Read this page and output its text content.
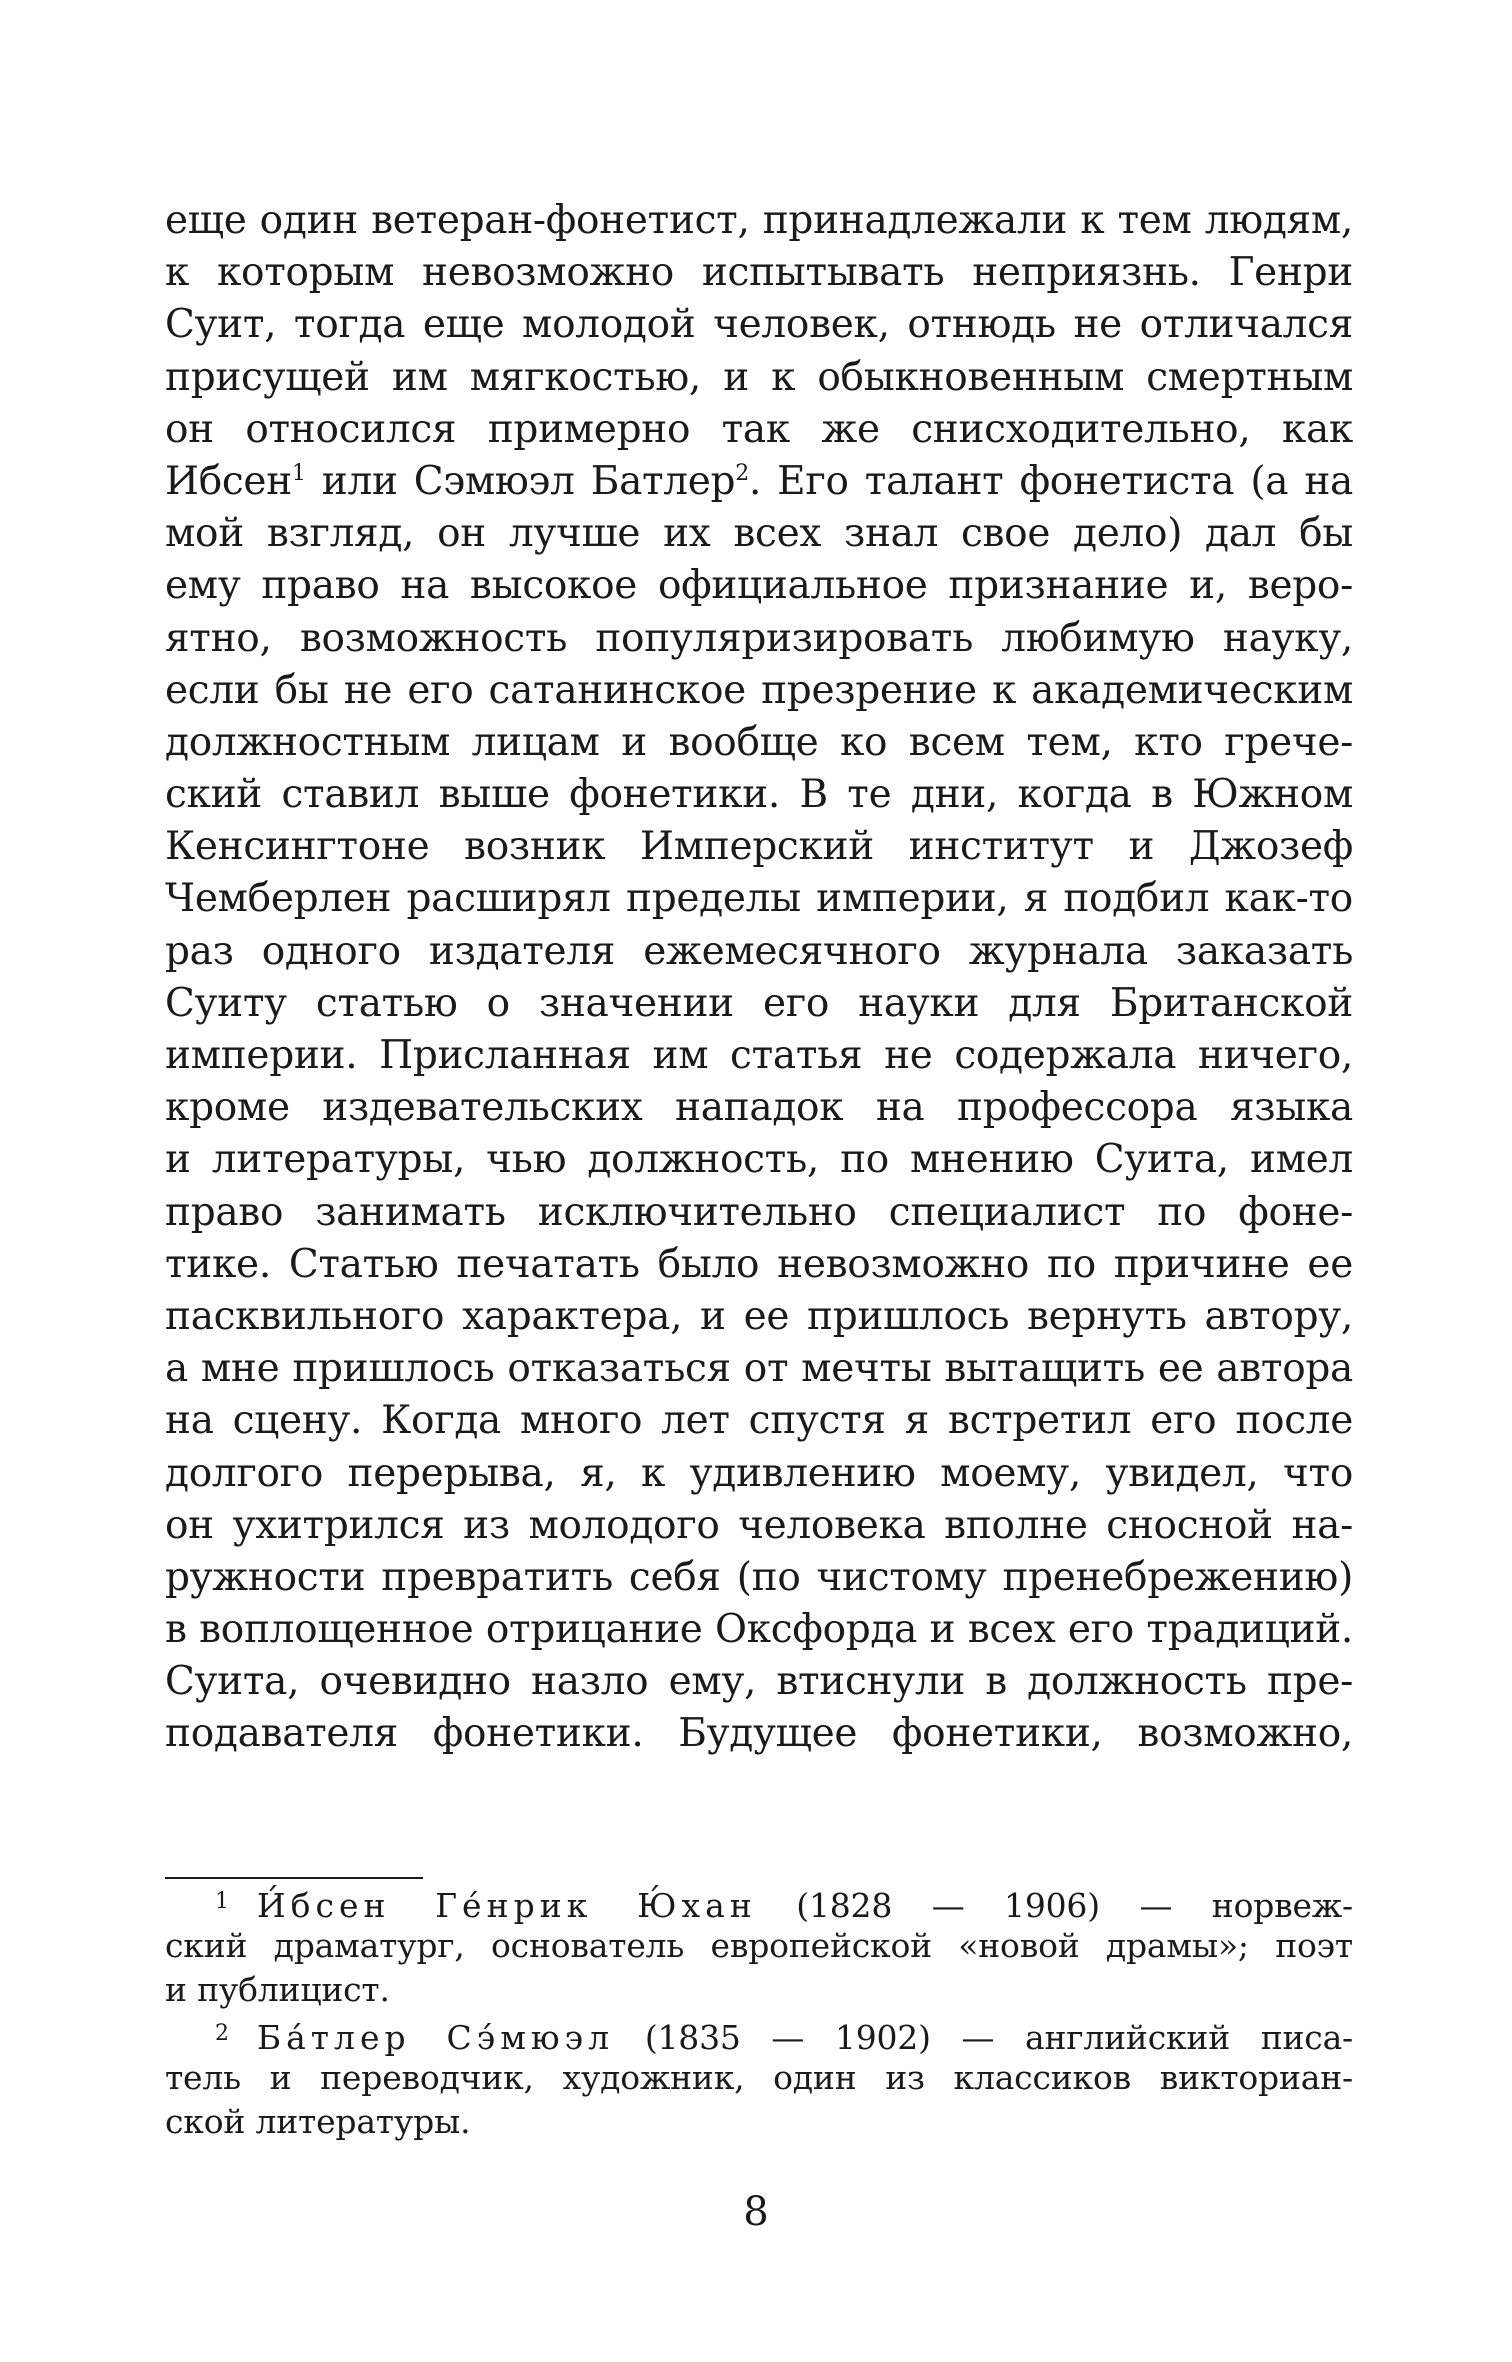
еще один ветеран-фонетист, принадлежали к тем людям,
к которым невозможно испытывать неприязнь. Генри
Суит, тогда еще молодой человек, отнюдь не отличался
присущей им мягкостью, и к обыкновенным смертным
он относился примерно так же снисходительно, как
Ибсен$^1$ или Сэмюэл Батлер$^2$. Его талант фонетиста (а на
мой взгляд, он лучше их всех знал свое дело) дал бы
ему право на высокое официальное признание и, веро-
ятно, возможность популяризировать любимую науку,
если бы не его сатанинское презрение к академическим
должностным лицам и вообще ко всем тем, кто грече-
ский ставил выше фонетики. В те дни, когда в Южном
Кенсингтоне возник Имперский институт и Джозеф
Чемберлен расширял пределы империи, я подбил как-то
раз одного издателя ежемесячного журнала заказать
Суиту статью о значении его науки для Британской
империи. Присланная им статья не содержала ничего,
кроме издевательских нападок на профессора языка
и литературы, чью должность, по мнению Суита, имел
право занимать исключительно специалист по фоне-
тике. Статью печатать было невозможно по причине ее
пасквильного характера, и ее пришлось вернуть автору,
а мне пришлось отказаться от мечты вытащить ее автора
на сцену. Когда много лет спустя я встретил его после
долгого перерыва, я, к удивлению моему, увидел, что
он ухитрился из молодого человека вполне сносной на-
ружности превратить себя (по чистому пренебрежению)
в воплощенное отрицание Оксфорда и всех его традиций.
Суита, очевидно назло ему, втиснули в должность пре-
подавателя фонетики. Будущее фонетики, возможно,
$^1$ И́бсен Ге́нрик Ю́хан (1828 — 1906) — норвеж-
ский драматург, основатель европейской «новой драмы»; поэт
и публицист.
$^2$ Ба́тлер Сэ́мюэл (1835 — 1902) — английский писа-
тель и переводчик, художник, один из классиков викториан-
ской литературы.
8
